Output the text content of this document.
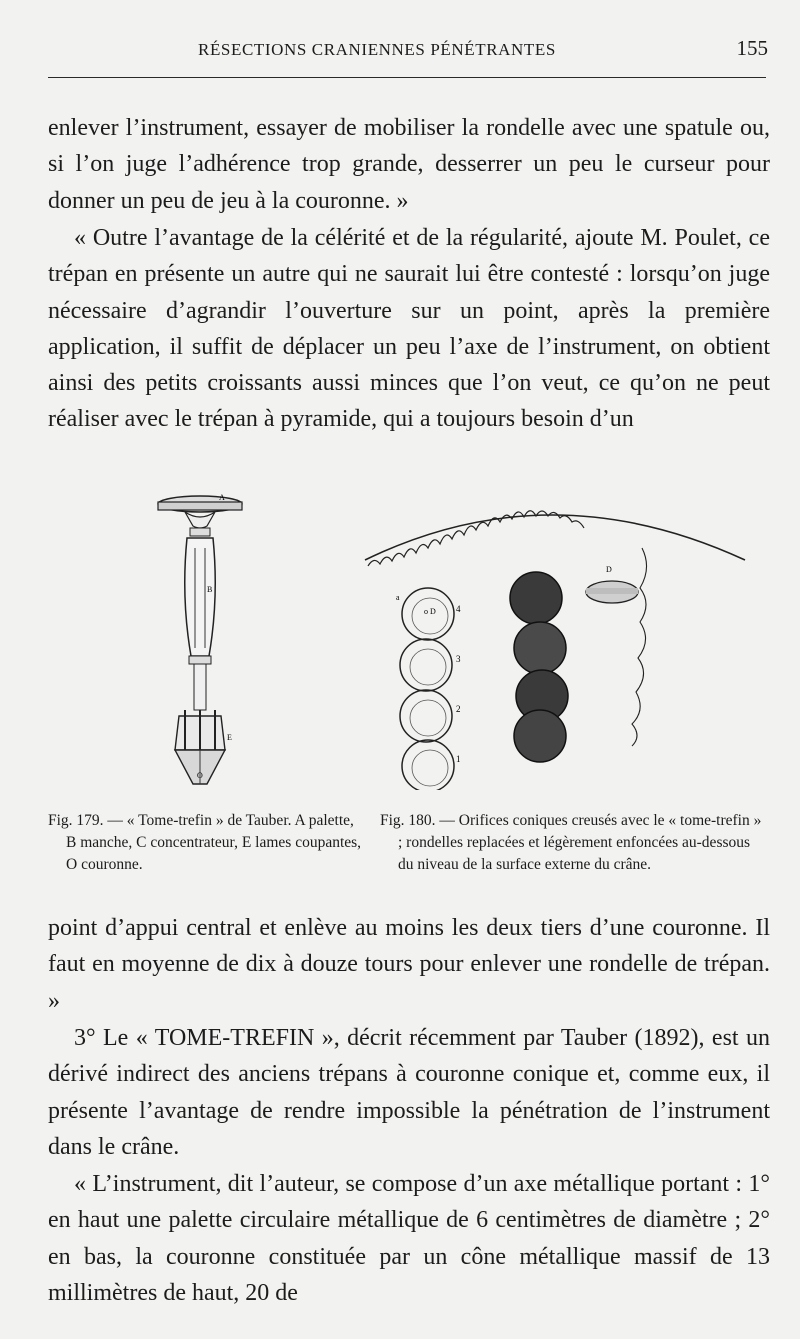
RÉSECTIONS CRANIENNES PÉNÉTRANTES	155

enlever l’instrument, essayer de mobiliser la rondelle avec une spatule ou, si l’on juge l’adhérence trop grande, desserrer un peu le curseur pour donner un peu de jeu à la couronne. »

« Outre l’avantage de la célérité et de la régularité, ajoute M. Poulet, ce trépan en présente un autre qui ne saurait lui être contesté : lorsqu’on juge nécessaire d’agrandir l’ouverture sur un point, après la première application, il suffit de déplacer un peu l’axe de l’instrument, on obtient ainsi des petits croissants aussi minces que l’on veut, ce qu’on ne peut réaliser avec le trépan à pyramide, qui a toujours besoin d’un

A
B
E
O
o D
1
2
3
4
a
D

Fig. 179. — « Tome-trefin » de Tauber. A palette, B manche, C concentrateur, E lames coupantes, O couronne.

Fig. 180. — Orifices coniques creusés avec le « tome-trefin » ; rondelles replacées et légèrement enfoncées au-dessous du niveau de la surface externe du crâne.

point d’appui central et enlève au moins les deux tiers d’une couronne. Il faut en moyenne de dix à douze tours pour enlever une rondelle de trépan. »

3° Le « TOME-TREFIN », décrit récemment par Tauber (1892), est un dérivé indirect des anciens trépans à couronne conique et, comme eux, il présente l’avantage de rendre impossible la pénétration de l’instrument dans le crâne.

« L’instrument, dit l’auteur, se compose d’un axe métallique portant : 1° en haut une palette circulaire métallique de 6 centimètres de diamètre ; 2° en bas, la couronne constituée par un cône métallique massif de 13 millimètres de haut, 20 de
